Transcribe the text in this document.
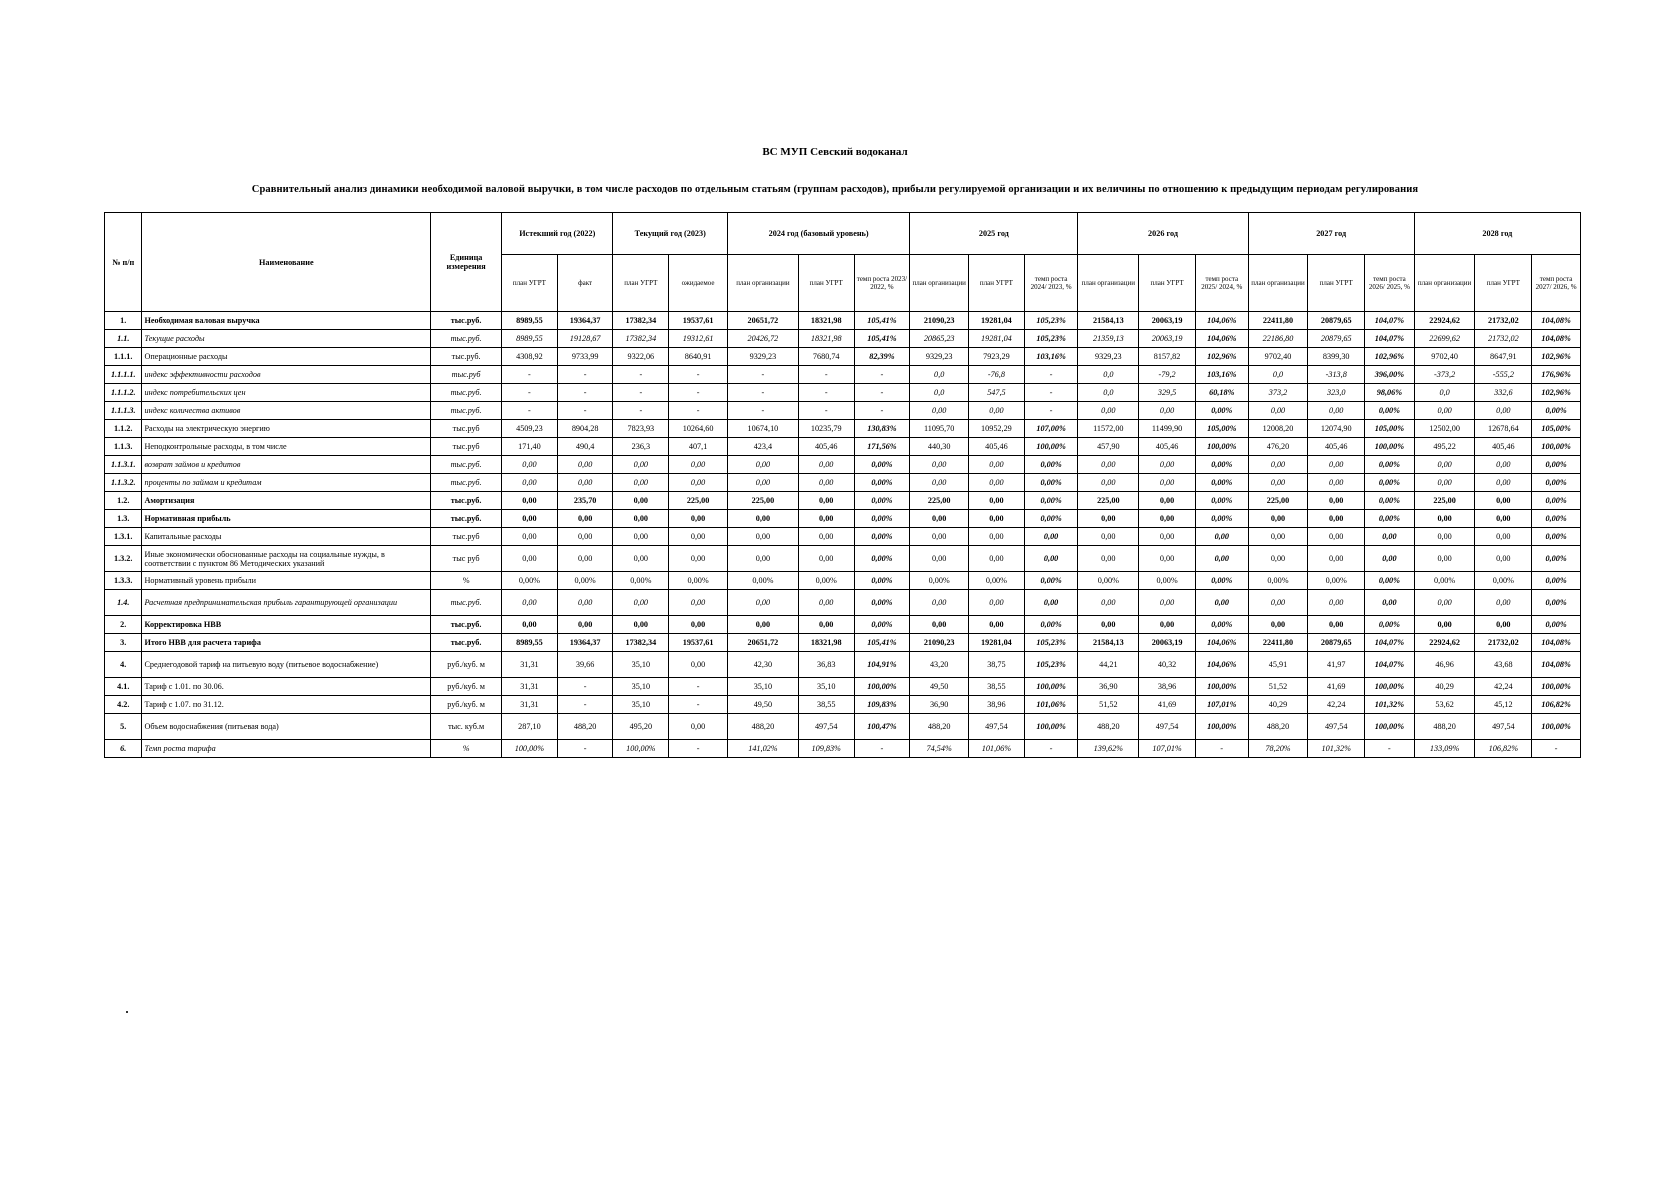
ВС МУП Севский водоканал
Сравнительный анализ динамики необходимой валовой выручки, в том числе расходов по отдельным статьям (группам расходов), прибыли регулируемой организации и их величины по отношению к предыдущим периодам регулирования
№ п/п	Наименование	Единица измерения	Истекший год (2022)		Текущий год (2023)		2024 год (базовый уровень)			2025 год			2026 год			2027 год			2028 год		
			план УГРТ	факт	план УГРТ	ожидаемое	план организации	план УГРТ	темп роста 2023/ 2022, %	план организации	план УГРТ	темп роста 2024/ 2023, %	план организации	план УГРТ	темп роста 2025/ 2024, %	план организации	план УГРТ	темп роста 2026/ 2025, %	план организации	план УГРТ	темп роста 2027/ 2026, %
1.	Необходимая валовая выручка	тыс.руб.	8989,55	19364,37	17382,34	19537,61	20651,72	18321,98	105,41%	21090,23	19281,04	105,23%	21584,13	20063,19	104,06%	22411,80	20879,65	104,07%	22924,62	21732,02	104,08%
1.1.	Текущие расходы	тыс.руб.	8989,55	19128,67	17382,34	19312,61	20426,72	18321,98	105,41%	20865,23	19281,04	105,23%	21359,13	20063,19	104,06%	22186,80	20879,65	104,07%	22699,62	21732,02	104,08%
1.1.1.	Операционные расходы	тыс.руб.	4308,92	9733,99	9322,06	8640,91	9329,23	7680,74	82,39%	9329,23	7923,29	103,16%	9329,23	8157,82	102,96%	9702,40	8399,30	102,96%	9702,40	8647,91	102,96%
1.1.1.1.	индекс эффективности расходов	тыс.руб	-	-	-	-	-	-	-	0,0	-76,8	-	0,0	-79,2	103,16%	0,0	-313,8	396,00%	-373,2	-555,2	176,96%
1.1.1.2.	индекс потребительских цен	тыс.руб.	-	-	-	-	-	-	-	0,0	547,5	-	0,0	329,5	60,18%	373,2	323,0	98,06%	0,0	332,6	102,96%
1.1.1.3.	индекс количества активов	тыс.руб.	-	-	-	-	-	-	-	0,00	0,00	-	0,00	0,00	0,00%	0,00	0,00	0,00%	0,00	0,00	0,00%
1.1.2.	Расходы на электрическую энергию	тыс.руб	4509,23	8904,28	7823,93	10264,60	10674,10	10235,79	130,83%	11095,70	10952,29	107,00%	11572,00	11499,90	105,00%	12008,20	12074,90	105,00%	12502,00	12678,64	105,00%
1.1.3.	Неподконтрольные расходы, в том числе	тыс.руб	171,40	490,4	236,3	407,1	423,4	405,46	171,56%	440,30	405,46	100,00%	457,90	405,46	100,00%	476,20	405,46	100,00%	495,22	405,46	100,00%
1.1.3.1.	возврат займов и кредитов	тыс.руб.	0,00	0,00	0,00	0,00	0,00	0,00	0,00%	0,00	0,00	0,00%	0,00	0,00	0,00%	0,00	0,00	0,00%	0,00	0,00	0,00%
1.1.3.2.	проценты по займам и кредитам	тыс.руб.	0,00	0,00	0,00	0,00	0,00	0,00	0,00%	0,00	0,00	0,00%	0,00	0,00	0,00%	0,00	0,00	0,00%	0,00	0,00	0,00%
1.2.	Амортизация	тыс.руб.	0,00	235,70	0,00	225,00	225,00	0,00	0,00%	225,00	0,00	0,00%	225,00	0,00	0,00%	225,00	0,00	0,00%	225,00	0,00	0,00%
1.3.	Нормативная прибыль	тыс.руб.	0,00	0,00	0,00	0,00	0,00	0,00	0,00%	0,00	0,00	0,00%	0,00	0,00	0,00%	0,00	0,00	0,00%	0,00	0,00	0,00%
1.3.1.	Капитальные расходы	тыс.руб	0,00	0,00	0,00	0,00	0,00	0,00	0,00%	0,00	0,00	0,00	0,00	0,00	0,00	0,00	0,00	0,00	0,00	0,00	0,00%
1.3.2.	Иные экономически обоснованные расходы на социальные нужды, в соответствии с пунктом 86 Методических указаний	тыс руб	0,00	0,00	0,00	0,00	0,00	0,00	0,00%	0,00	0,00	0,00	0,00	0,00	0,00	0,00	0,00	0,00	0,00	0,00	0,00%
1.3.3.	Нормативный уровень прибыли	%	0,00%	0,00%	0,00%	0,00%	0,00%	0,00%	0,00%	0,00%	0,00%	0,00%	0,00%	0,00%	0,00%	0,00%	0,00%	0,00%	0,00%	0,00%	0,00%
1.4.	Расчетная предпринимательская прибыль гарантирующей организации	тыс.руб.	0,00	0,00	0,00	0,00	0,00	0,00	0,00%	0,00	0,00	0,00	0,00	0,00	0,00	0,00	0,00	0,00	0,00	0,00	0,00%
2.	Корректировка НВВ	тыс.руб.	0,00	0,00	0,00	0,00	0,00	0,00	0,00%	0,00	0,00	0,00%	0,00	0,00	0,00%	0,00	0,00	0,00%	0,00	0,00	0,00%
3.	Итого НВВ для расчета тарифа	тыс.руб.	8989,55	19364,37	17382,34	19537,61	20651,72	18321,98	105,41%	21090,23	19281,04	105,23%	21584,13	20063,19	104,06%	22411,80	20879,65	104,07%	22924,62	21732,02	104,08%
4.	Среднегодовой тариф на питьевую воду (питьевое водоснабжение)	руб./куб. м	31,31	39,66	35,10	0,00	42,30	36,83	104,91%	43,20	38,75	105,23%	44,21	40,32	104,06%	45,91	41,97	104,07%	46,96	43,68	104,08%
4.1.	Тариф с 1.01. по 30.06.	руб./куб. м	31,31	-	35,10	-	35,10	35,10	100,00%	49,50	38,55	100,00%	36,90	38,96	100,00%	51,52	41,69	100,00%	40,29	42,24	100,00%
4.2.	Тариф с 1.07. по 31.12.	руб./куб. м	31,31	-	35,10	-	49,50	38,55	109,83%	36,90	38,96	101,06%	51,52	41,69	107,01%	40,29	42,24	101,32%	53,62	45,12	106,82%
5.	Объем водоснабжения (питьевая вода)	тыс. куб.м	287,10	488,20	495,20	0,00	488,20	497,54	100,47%	488,20	497,54	100,00%	488,20	497,54	100,00%	488,20	497,54	100,00%	488,20	497,54	100,00%
6.	Темп роста тарифа	%	100,00%	-	100,00%	-	141,02%	109,83%	-	74,54%	101,06%	-	139,62%	107,01%	-	78,20%	101,32%	-	133,09%	106,82%	-
